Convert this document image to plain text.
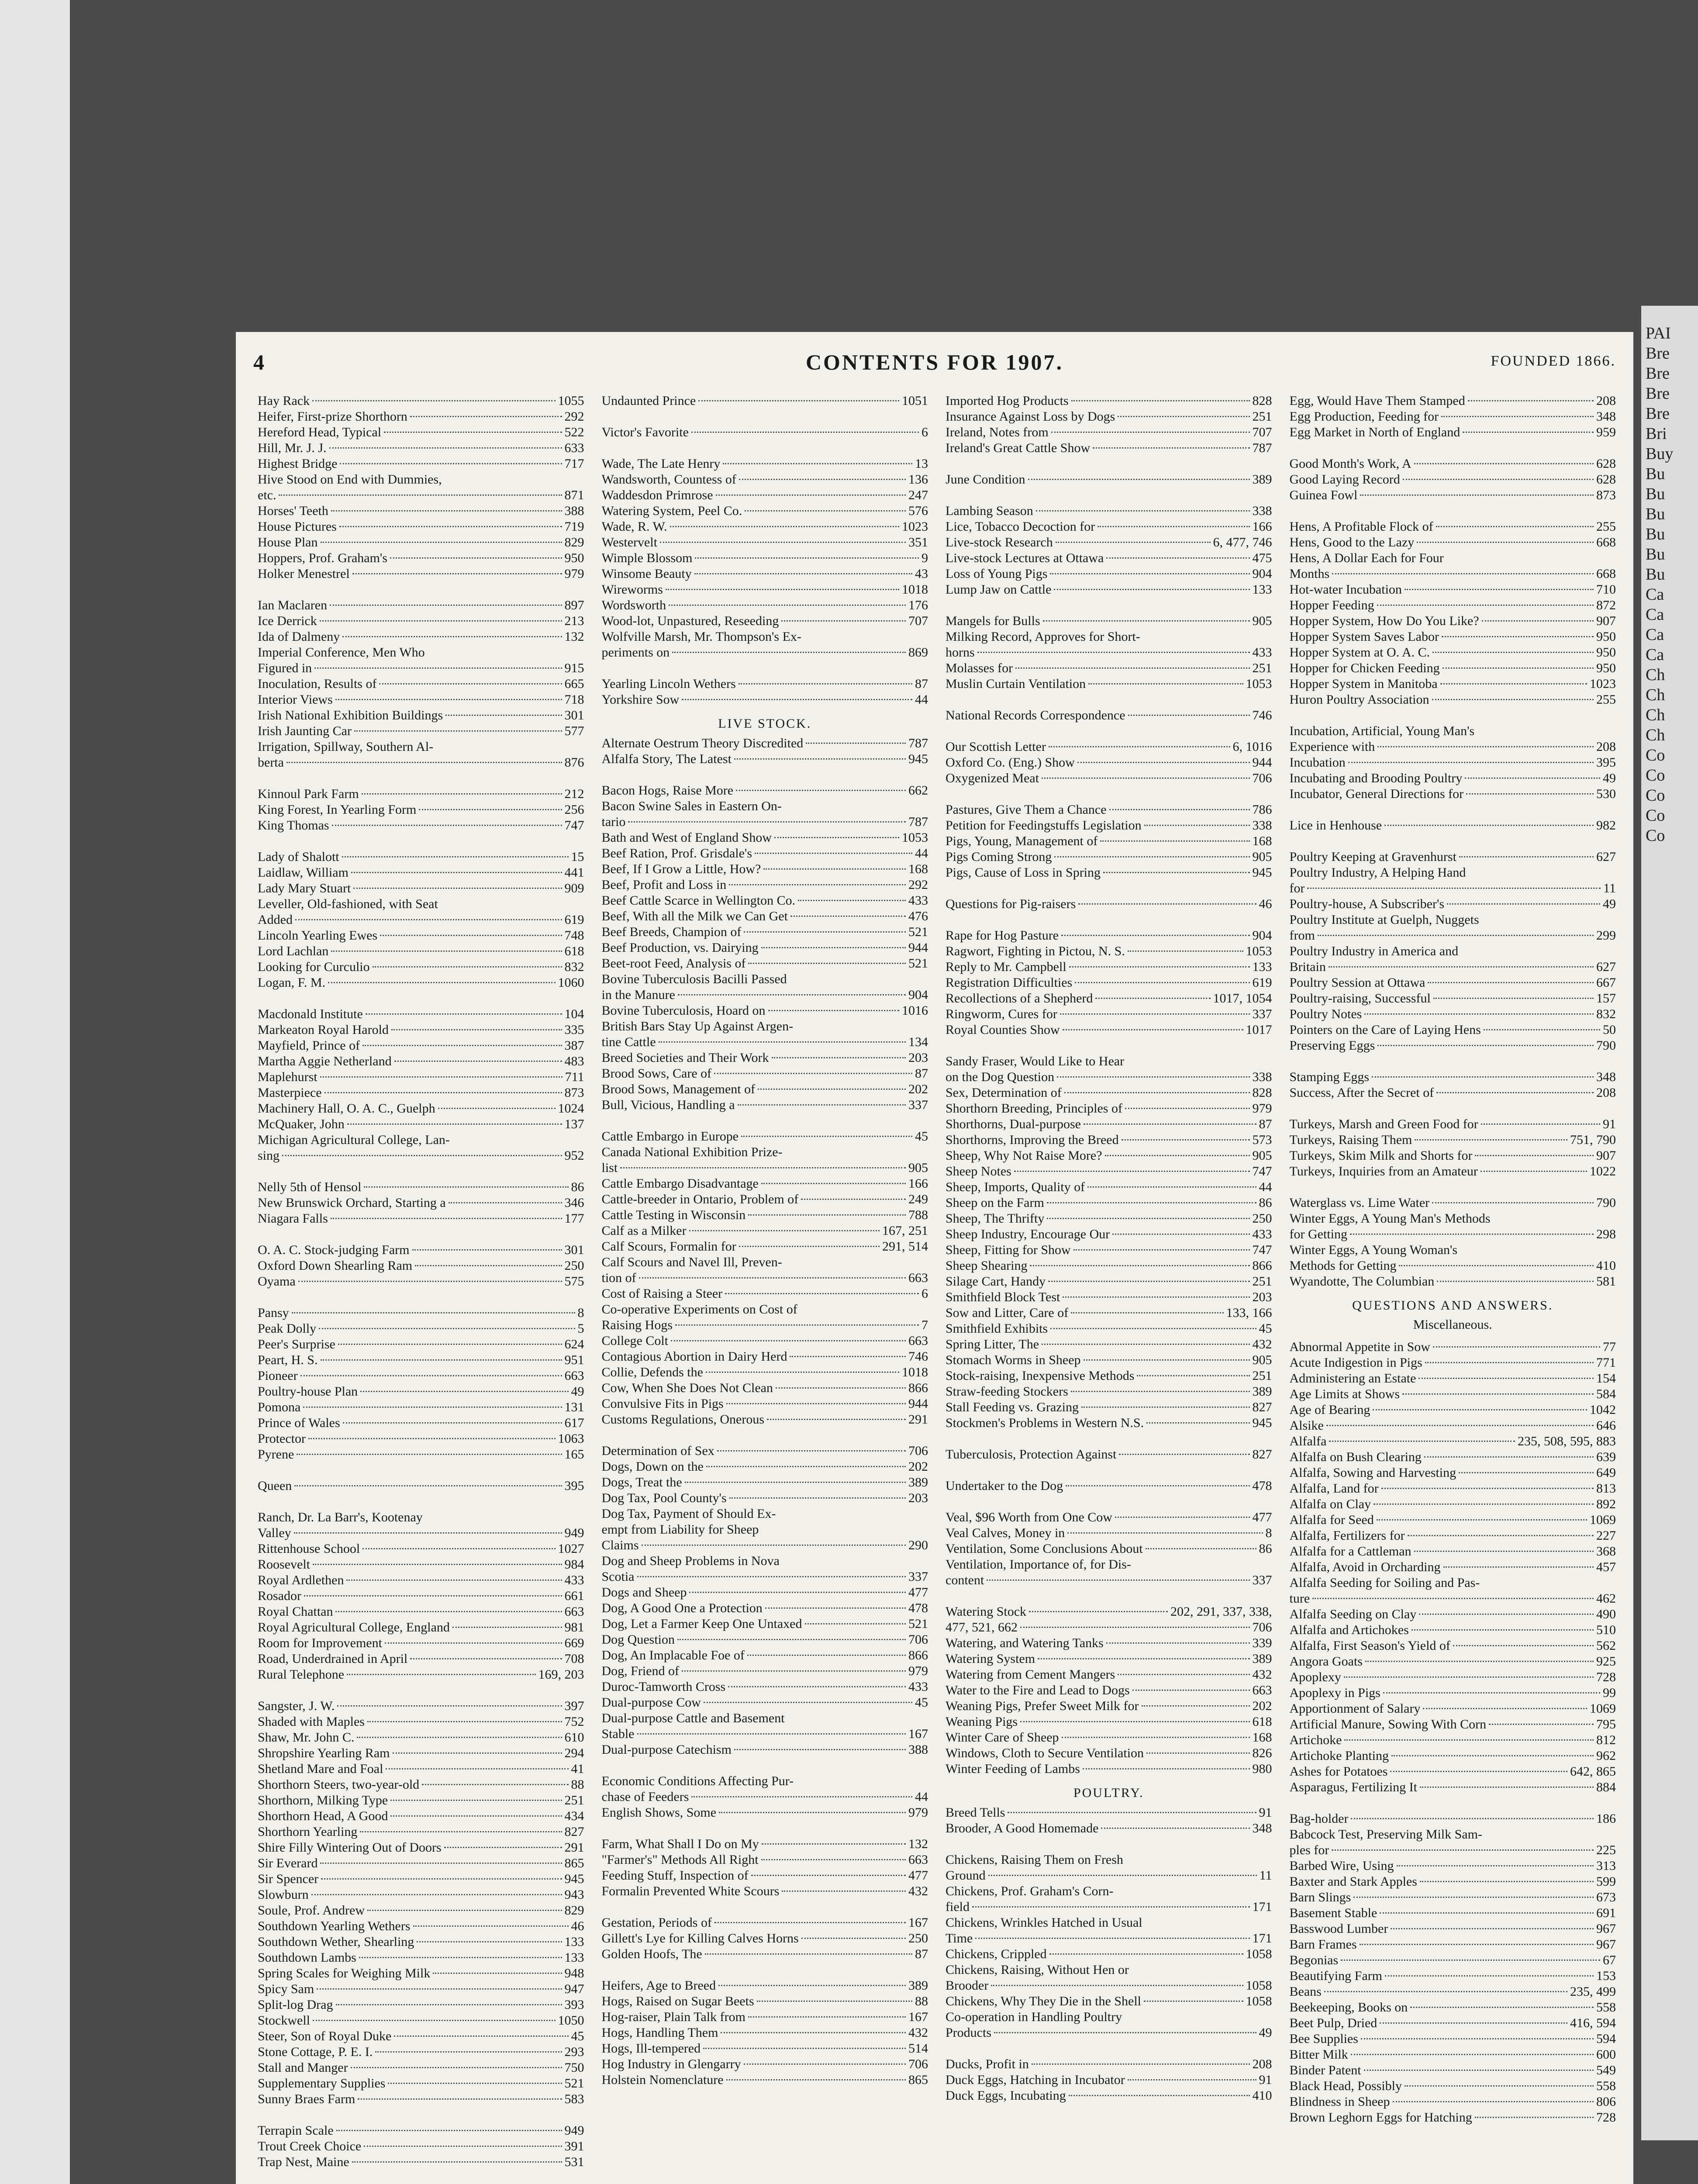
PAI
Bre
Bre
Bre
Bre
Bri
Buy
Bu
Bu
Bu
Bu
Bu
Bu
Ca
Ca
Ca
Ca
Ch
Ch
Ch
Ch
Co
Co
Co
Co
Co
4	CONTENTS FOR 1907.	FOUNDED 1866.
Hay Rack	1055
Heifer, First-prize Shorthorn	292
Hereford Head, Typical	522
Hill, Mr. J. J.	633
Highest Bridge	717
Hive Stood on End with Dummies,
etc.	871
Horses' Teeth	388
House Pictures	719
House Plan	829
Hoppers, Prof. Graham's	950
Holker Menestrel	979
Ian Maclaren	897
Ice Derrick	213
Ida of Dalmeny	132
Imperial Conference, Men Who
Figured in	915
Inoculation, Results of	665
Interior Views	718
Irish National Exhibition Buildings	301
Irish Jaunting Car	577
Irrigation, Spillway, Southern Al-
berta	876
Kinnoul Park Farm	212
King Forest, In Yearling Form	256
King Thomas	747
Lady of Shalott	15
Laidlaw, William	441
Lady Mary Stuart	909
Leveller, Old-fashioned, with Seat
Added	619
Lincoln Yearling Ewes	748
Lord Lachlan	618
Looking for Curculio	832
Logan, F. M.	1060
Macdonald Institute	104
Markeaton Royal Harold	335
Mayfield, Prince of	387
Martha Aggie Netherland	483
Maplehurst	711
Masterpiece	873
Machinery Hall, O. A. C., Guelph	1024
McQuaker, John	137
Michigan Agricultural College, Lan-
sing	952
Nelly 5th of Hensol	86
New Brunswick Orchard, Starting a	346
Niagara Falls	177
O. A. C. Stock-judging Farm	301
Oxford Down Shearling Ram	250
Oyama	575
Pansy	8
Peak Dolly	5
Peer's Surprise	624
Peart, H. S.	951
Pioneer	663
Poultry-house Plan	49
Pomona	131
Prince of Wales	617
Protector	1063
Pyrene	165
Queen	395
Ranch, Dr. La Barr's, Kootenay
Valley	949
Rittenhouse School	1027
Roosevelt	984
Royal Ardlethen	433
Rosador	661
Royal Chattan	663
Royal Agricultural College, England	981
Room for Improvement	669
Road, Underdrained in April	708
Rural Telephone	169, 203
Sangster, J. W.	397
Shaded with Maples	752
Shaw, Mr. John C.	610
Shropshire Yearling Ram	294
Shetland Mare and Foal	41
Shorthorn Steers, two-year-old	88
Shorthorn, Milking Type	251
Shorthorn Head, A Good	434
Shorthorn Yearling	827
Shire Filly Wintering Out of Doors	291
Sir Everard	865
Sir Spencer	945
Slowburn	943
Soule, Prof. Andrew	829
Southdown Yearling Wethers	46
Southdown Wether, Shearling	133
Southdown Lambs	133
Spring Scales for Weighing Milk	948
Spicy Sam	947
Split-log Drag	393
Stockwell	1050
Steer, Son of Royal Duke	45
Stone Cottage, P. E. I.	293
Stall and Manger	750
Supplementary Supplies	521
Sunny Braes Farm	583
Terrapin Scale	949
Trout Creek Choice	391
Trap Nest, Maine	531
Undaunted Prince	1051
Victor's Favorite	6
Wade, The Late Henry	13
Wandsworth, Countess of	136
Waddesdon Primrose	247
Watering System, Peel Co.	576
Wade, R. W.	1023
Westervelt	351
Wimple Blossom	9
Winsome Beauty	43
Wireworms	1018
Wordsworth	176
Wood-lot, Unpastured, Reseeding	707
Wolfville Marsh, Mr. Thompson's Ex-
periments on	869
Yearling Lincoln Wethers	87
Yorkshire Sow	44
LIVE STOCK.
Alternate Oestrum Theory Discredited	787
Alfalfa Story, The Latest	945
Bacon Hogs, Raise More	662
Bacon Swine Sales in Eastern On-
tario	787
Bath and West of England Show	1053
Beef Ration, Prof. Grisdale's	44
Beef, If I Grow a Little, How?	168
Beef, Profit and Loss in	292
Beef Cattle Scarce in Wellington Co.	433
Beef, With all the Milk we Can Get	476
Beef Breeds, Champion of	521
Beef Production, vs. Dairying	944
Beet-root Feed, Analysis of	521
Bovine Tuberculosis Bacilli Passed
in the Manure	904
Bovine Tuberculosis, Hoard on	1016
British Bars Stay Up Against Argen-
tine Cattle	134
Breed Societies and Their Work	203
Brood Sows, Care of	87
Brood Sows, Management of	202
Bull, Vicious, Handling a	337
Cattle Embargo in Europe	45
Canada National Exhibition Prize-
list	905
Cattle Embargo Disadvantage	166
Cattle-breeder in Ontario, Problem of	249
Cattle Testing in Wisconsin	788
Calf as a Milker	167, 251
Calf Scours, Formalin for	291, 514
Calf Scours and Navel Ill, Preven-
tion of	663
Cost of Raising a Steer	6
Co-operative Experiments on Cost of
Raising Hogs	7
College Colt	663
Contagious Abortion in Dairy Herd	746
Collie, Defends the	1018
Cow, When She Does Not Clean	866
Convulsive Fits in Pigs	944
Customs Regulations, Onerous	291
Determination of Sex	706
Dogs, Down on the	202
Dogs, Treat the	389
Dog Tax, Pool County's	203
Dog Tax, Payment of Should Ex-
empt from Liability for Sheep
Claims	290
Dog and Sheep Problems in Nova
Scotia	337
Dogs and Sheep	477
Dog, A Good One a Protection	478
Dog, Let a Farmer Keep One Untaxed	521
Dog Question	706
Dog, An Implacable Foe of	866
Dog, Friend of	979
Duroc-Tamworth Cross	433
Dual-purpose Cow	45
Dual-purpose Cattle and Basement
Stable	167
Dual-purpose Catechism	388
Economic Conditions Affecting Pur-
chase of Feeders	44
English Shows, Some	979
Farm, What Shall I Do on My	132
"Farmer's" Methods All Right	663
Feeding Stuff, Inspection of	477
Formalin Prevented White Scours	432
Gestation, Periods of	167
Gillett's Lye for Killing Calves Horns	250
Golden Hoofs, The	87
Heifers, Age to Breed	389
Hogs, Raised on Sugar Beets	88
Hog-raiser, Plain Talk from	167
Hogs, Handling Them	432
Hogs, Ill-tempered	514
Hog Industry in Glengarry	706
Holstein Nomenclature	865
Imported Hog Products	828
Insurance Against Loss by Dogs	251
Ireland, Notes from	707
Ireland's Great Cattle Show	787
June Condition	389
Lambing Season	338
Lice, Tobacco Decoction for	166
Live-stock Research	6, 477, 746
Live-stock Lectures at Ottawa	475
Loss of Young Pigs	904
Lump Jaw on Cattle	133
Mangels for Bulls	905
Milking Record, Approves for Short-
horns	433
Molasses for	251
Muslin Curtain Ventilation	1053
National Records Correspondence	746
Our Scottish Letter	6, 1016
Oxford Co. (Eng.) Show	944
Oxygenized Meat	706
Pastures, Give Them a Chance	786
Petition for Feedingstuffs Legislation	338
Pigs, Young, Management of	168
Pigs Coming Strong	905
Pigs, Cause of Loss in Spring	945
Questions for Pig-raisers	46
Rape for Hog Pasture	904
Ragwort, Fighting in Pictou, N. S.	1053
Reply to Mr. Campbell	133
Registration Difficulties	619
Recollections of a Shepherd	1017, 1054
Ringworm, Cures for	337
Royal Counties Show	1017
Sandy Fraser, Would Like to Hear
on the Dog Question	338
Sex, Determination of	828
Shorthorn Breeding, Principles of	979
Shorthorns, Dual-purpose	87
Shorthorns, Improving the Breed	573
Sheep, Why Not Raise More?	905
Sheep Notes	747
Sheep, Imports, Quality of	44
Sheep on the Farm	86
Sheep, The Thrifty	250
Sheep Industry, Encourage Our	433
Sheep, Fitting for Show	747
Sheep Shearing	866
Silage Cart, Handy	251
Smithfield Block Test	203
Sow and Litter, Care of	133, 166
Smithfield Exhibits	45
Spring Litter, The	432
Stomach Worms in Sheep	905
Stock-raising, Inexpensive Methods	251
Straw-feeding Stockers	389
Stall Feeding vs. Grazing	827
Stockmen's Problems in Western N.S.	945
Tuberculosis, Protection Against	827
Undertaker to the Dog	478
Veal, $96 Worth from One Cow	477
Veal Calves, Money in	8
Ventilation, Some Conclusions About	86
Ventilation, Importance of, for Dis-
content	337
Watering Stock	202, 291, 337, 338,
477, 521, 662	706
Watering, and Watering Tanks	339
Watering System	389
Watering from Cement Mangers	432
Water to the Fire and Lead to Dogs	663
Weaning Pigs, Prefer Sweet Milk for	202
Weaning Pigs	618
Winter Care of Sheep	168
Windows, Cloth to Secure Ventilation	826
Winter Feeding of Lambs	980
POULTRY.
Breed Tells	91
Brooder, A Good Homemade	348
Chickens, Raising Them on Fresh
Ground	11
Chickens, Prof. Graham's Corn-
field	171
Chickens, Wrinkles Hatched in Usual
Time	171
Chickens, Crippled	1058
Chickens, Raising, Without Hen or
Brooder	1058
Chickens, Why They Die in the Shell	1058
Co-operation in Handling Poultry
Products	49
Ducks, Profit in	208
Duck Eggs, Hatching in Incubator	91
Duck Eggs, Incubating	410
Egg, Would Have Them Stamped	208
Egg Production, Feeding for	348
Egg Market in North of England	959
Good Month's Work, A	628
Good Laying Record	628
Guinea Fowl	873
Hens, A Profitable Flock of	255
Hens, Good to the Lazy	668
Hens, A Dollar Each for Four
Months	668
Hot-water Incubation	710
Hopper Feeding	872
Hopper System, How Do You Like?	907
Hopper System Saves Labor	950
Hopper System at O. A. C.	950
Hopper for Chicken Feeding	950
Hopper System in Manitoba	1023
Huron Poultry Association	255
Incubation, Artificial, Young Man's
Experience with	208
Incubation	395
Incubating and Brooding Poultry	49
Incubator, General Directions for	530
Lice in Henhouse	982
Poultry Keeping at Gravenhurst	627
Poultry Industry, A Helping Hand
for	11
Poultry-house, A Subscriber's	49
Poultry Institute at Guelph, Nuggets
from	299
Poultry Industry in America and
Britain	627
Poultry Session at Ottawa	667
Poultry-raising, Successful	157
Poultry Notes	832
Pointers on the Care of Laying Hens	50
Preserving Eggs	790
Stamping Eggs	348
Success, After the Secret of	208
Turkeys, Marsh and Green Food for	91
Turkeys, Raising Them	751, 790
Turkeys, Skim Milk and Shorts for	907
Turkeys, Inquiries from an Amateur	1022
Waterglass vs. Lime Water	790
Winter Eggs, A Young Man's Methods
for Getting	298
Winter Eggs, A Young Woman's
Methods for Getting	410
Wyandotte, The Columbian	581
QUESTIONS AND ANSWERS.
Miscellaneous.
Abnormal Appetite in Sow	77
Acute Indigestion in Pigs	771
Administering an Estate	154
Age Limits at Shows	584
Age of Bearing	1042
Alsike	646
Alfalfa	235, 508, 595, 883
Alfalfa on Bush Clearing	639
Alfalfa, Sowing and Harvesting	649
Alfalfa, Land for	813
Alfalfa on Clay	892
Alfalfa for Seed	1069
Alfalfa, Fertilizers for	227
Alfalfa for a Cattleman	368
Alfalfa, Avoid in Orcharding	457
Alfalfa Seeding for Soiling and Pas-
ture	462
Alfalfa Seeding on Clay	490
Alfalfa and Artichokes	510
Alfalfa, First Season's Yield of	562
Angora Goats	925
Apoplexy	728
Apoplexy in Pigs	99
Apportionment of Salary	1069
Artificial Manure, Sowing With Corn	795
Artichoke	812
Artichoke Planting	962
Ashes for Potatoes	642, 865
Asparagus, Fertilizing It	884
Bag-holder	186
Babcock Test, Preserving Milk Sam-
ples for	225
Barbed Wire, Using	313
Baxter and Stark Apples	599
Barn Slings	673
Basement Stable	691
Basswood Lumber	967
Barn Frames	967
Begonias	67
Beautifying Farm	153
Beans	235, 499
Beekeeping, Books on	558
Beet Pulp, Dried	416, 594
Bee Supplies	594
Bitter Milk	600
Binder Patent	549
Black Head, Possibly	558
Blindness in Sheep	806
Brown Leghorn Eggs for Hatching	728
